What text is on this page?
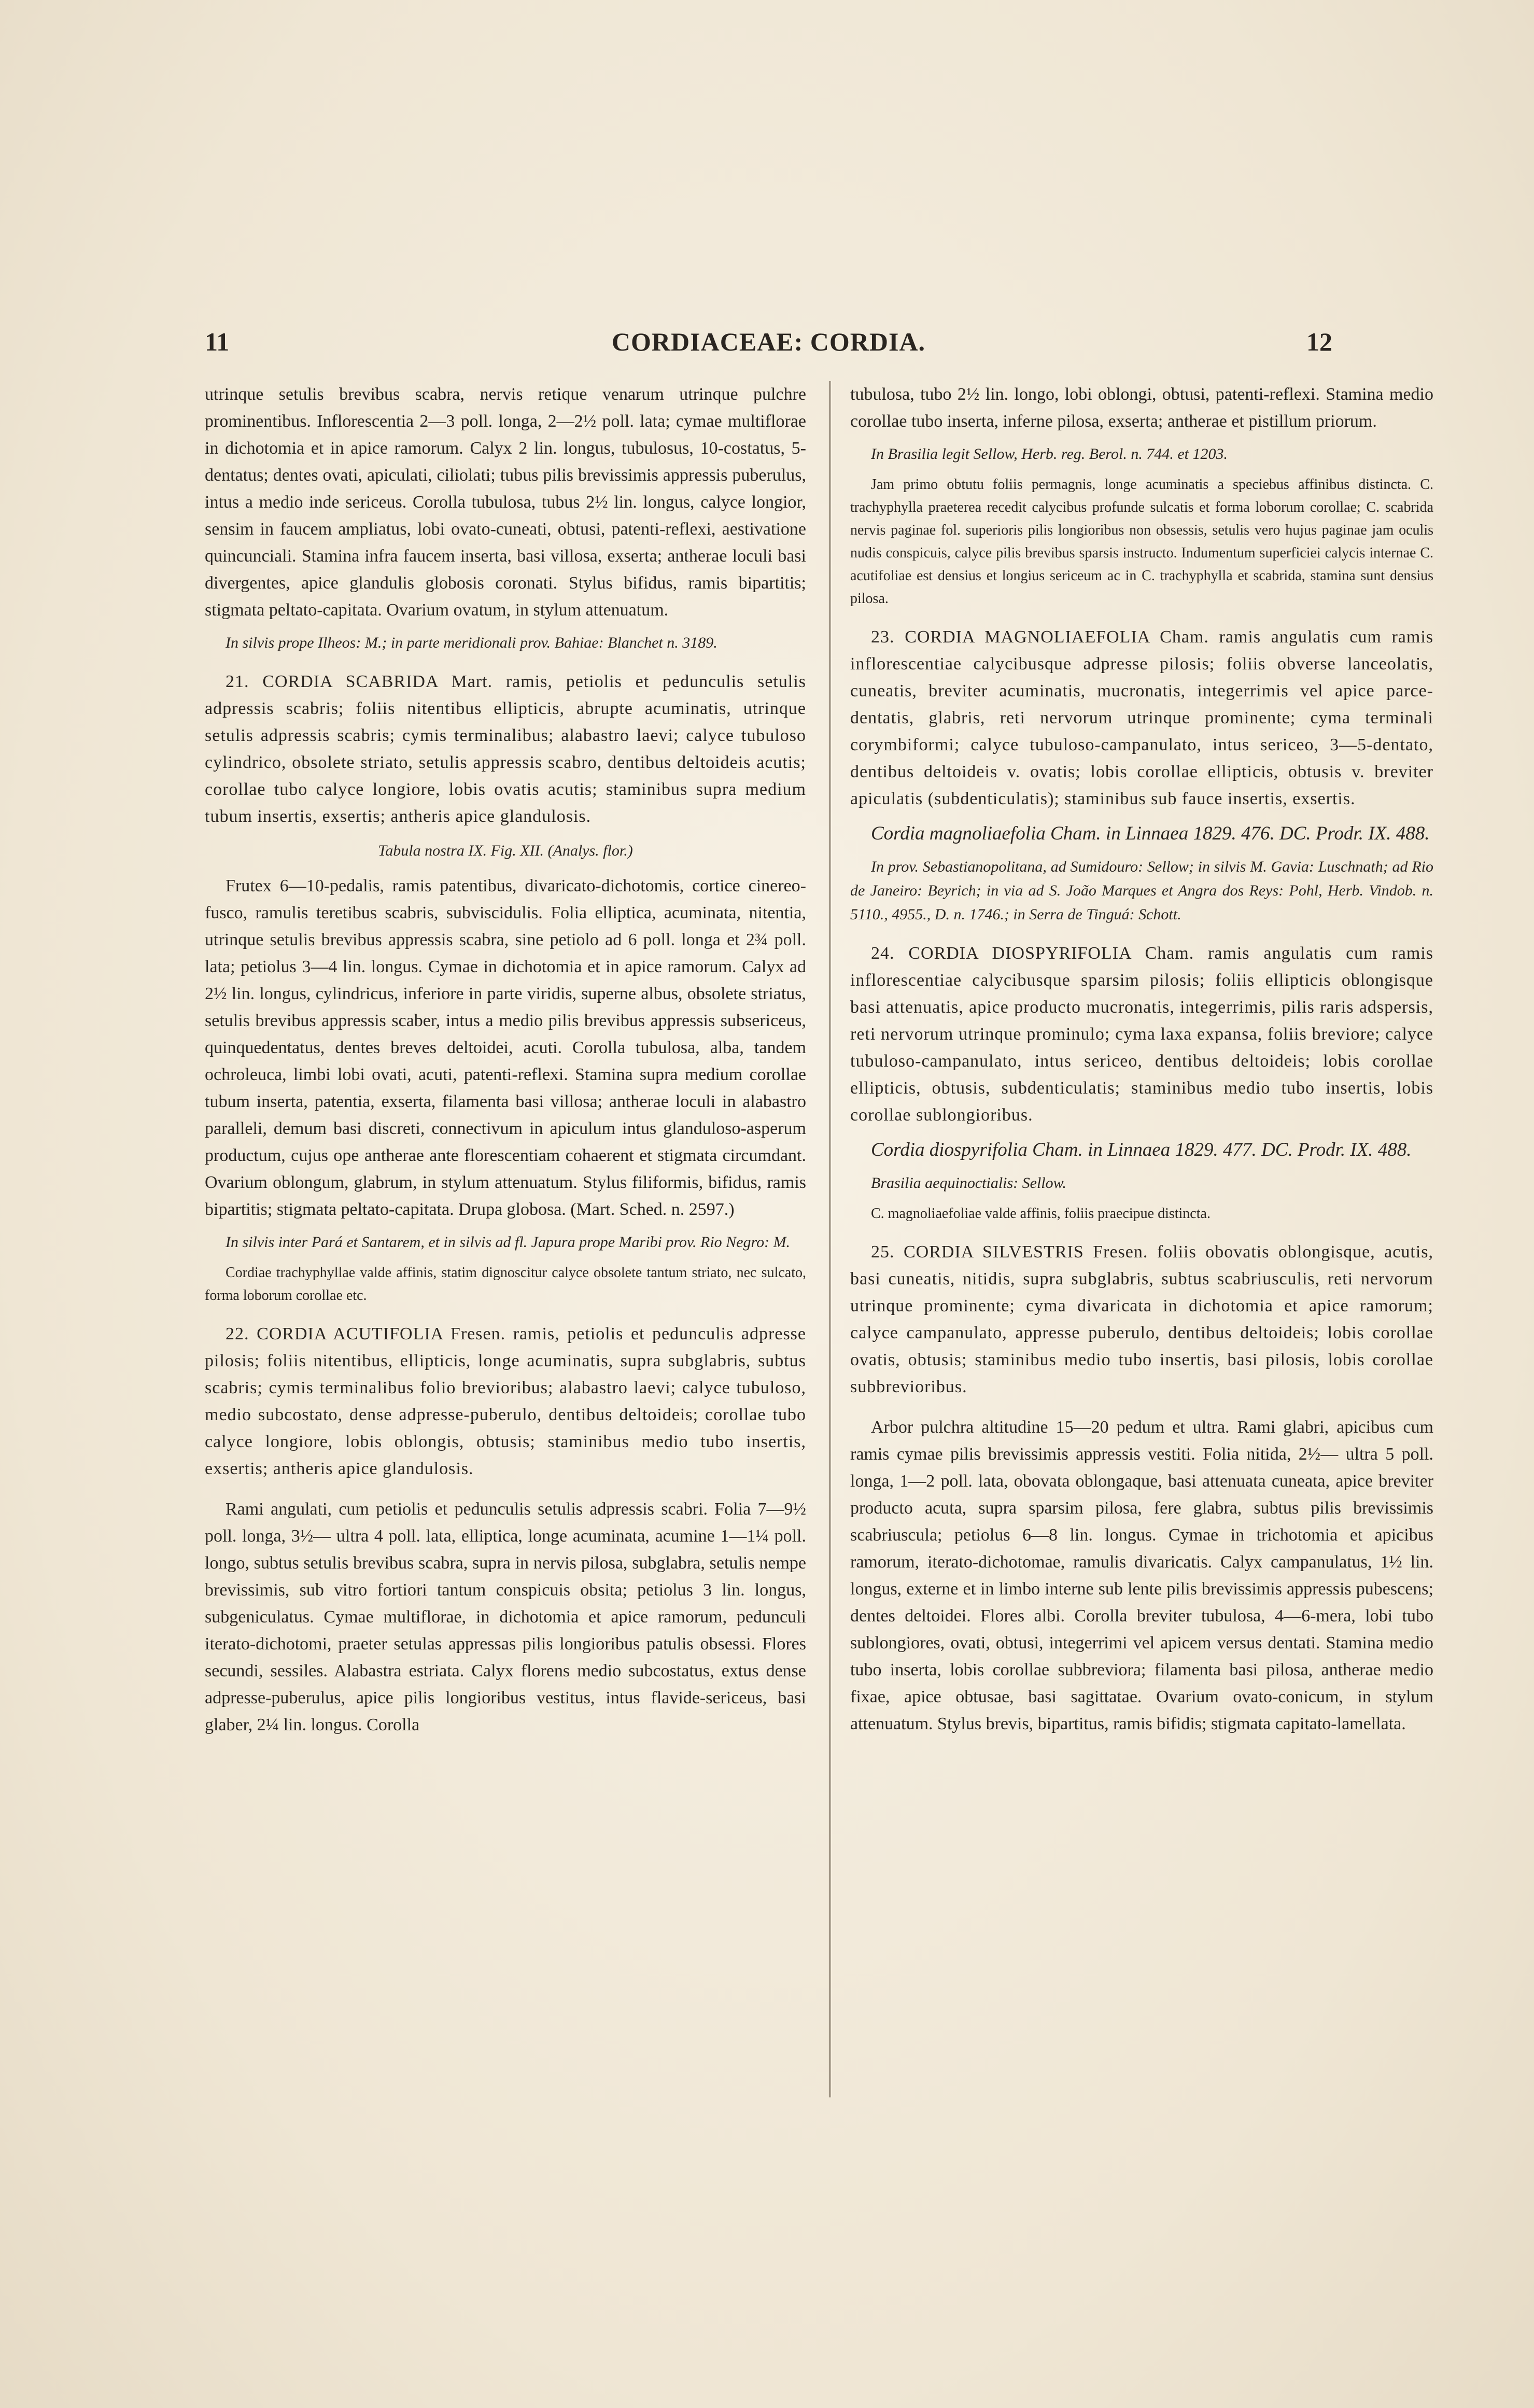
11	CORDIACEAE: CORDIA.	12

utrinque setulis brevibus scabra, nervis retique venarum utrinque pulchre prominentibus. Inflorescentia 2—3 poll. longa, 2—2½ poll. lata; cymae multiflorae in dichotomia et in apice ramorum. Calyx 2 lin. longus, tubulosus, 10-costatus, 5-dentatus; dentes ovati, apiculati, ciliolati; tubus pilis brevissimis appressis puberulus, intus a medio inde sericeus. Corolla tubulosa, tubus 2½ lin. longus, calyce longior, sensim in faucem ampliatus, lobi ovato-cuneati, obtusi, patenti-reflexi, aestivatione quincunciali. Stamina infra faucem inserta, basi villosa, exserta; antherae loculi basi divergentes, apice glandulis globosis coronati. Stylus bifidus, ramis bipartitis; stigmata peltato-capitata. Ovarium ovatum, in stylum attenuatum.

In silvis prope Ilheos: M.; in parte meridionali prov. Bahiae: Blanchet n. 3189.

21. CORDIA SCABRIDA Mart. ramis, petiolis et pedunculis setulis adpressis scabris; foliis nitentibus ellipticis, abrupte acuminatis, utrinque setulis adpressis scabris; cymis terminalibus; alabastro laevi; calyce tubuloso cylindrico, obsolete striato, setulis appressis scabro, dentibus deltoideis acutis; corollae tubo calyce longiore, lobis ovatis acutis; staminibus supra medium tubum insertis, exsertis; antheris apice glandulosis.

Tabula nostra IX. Fig. XII. (Analys. flor.)

Frutex 6—10-pedalis, ramis patentibus, divaricato-dichotomis, cortice cinereo-fusco, ramulis teretibus scabris, subviscidulis. Folia elliptica, acuminata, nitentia, utrinque setulis brevibus appressis scabra, sine petiolo ad 6 poll. longa et 2¾ poll. lata; petiolus 3—4 lin. longus. Cymae in dichotomia et in apice ramorum. Calyx ad 2½ lin. longus, cylindricus, inferiore in parte viridis, superne albus, obsolete striatus, setulis brevibus appressis scaber, intus a medio pilis brevibus appressis subsericeus, quinquedentatus, dentes breves deltoidei, acuti. Corolla tubulosa, alba, tandem ochroleuca, limbi lobi ovati, acuti, patenti-reflexi. Stamina supra medium corollae tubum inserta, patentia, exserta, filamenta basi villosa; antherae loculi in alabastro paralleli, demum basi discreti, connectivum in apiculum intus glanduloso-asperum productum, cujus ope antherae ante florescentiam cohaerent et stigmata circumdant. Ovarium oblongum, glabrum, in stylum attenuatum. Stylus filiformis, bifidus, ramis bipartitis; stigmata peltato-capitata. Drupa globosa. (Mart. Sched. n. 2597.)

In silvis inter Pará et Santarem, et in silvis ad fl. Japura prope Maribi prov. Rio Negro: M.

Cordiae trachyphyllae valde affinis, statim dignoscitur calyce obsolete tantum striato, nec sulcato, forma loborum corollae etc.

22. CORDIA ACUTIFOLIA Fresen. ramis, petiolis et pedunculis adpresse pilosis; foliis nitentibus, ellipticis, longe acuminatis, supra subglabris, subtus scabris; cymis terminalibus folio brevioribus; alabastro laevi; calyce tubuloso, medio subcostato, dense adpresse-puberulo, dentibus deltoideis; corollae tubo calyce longiore, lobis oblongis, obtusis; staminibus medio tubo insertis, exsertis; antheris apice glandulosis.

Rami angulati, cum petiolis et pedunculis setulis adpressis scabri. Folia 7—9½ poll. longa, 3½— ultra 4 poll. lata, elliptica, longe acuminata, acumine 1—1¼ poll. longo, subtus setulis brevibus scabra, supra in nervis pilosa, subglabra, setulis nempe brevissimis, sub vitro fortiori tantum conspicuis obsita; petiolus 3 lin. longus, subgeniculatus. Cymae multiflorae, in dichotomia et apice ramorum, pedunculi iterato-dichotomi, praeter setulas appressas pilis longioribus patulis obsessi. Flores secundi, sessiles. Alabastra estriata. Calyx florens medio subcostatus, extus dense adpresse-puberulus, apice pilis longioribus vestitus, intus flavide-sericeus, basi glaber, 2¼ lin. longus. Corolla

tubulosa, tubo 2½ lin. longo, lobi oblongi, obtusi, patenti-reflexi. Stamina medio corollae tubo inserta, inferne pilosa, exserta; antherae et pistillum priorum.

In Brasilia legit Sellow, Herb. reg. Berol. n. 744. et 1203.

Jam primo obtutu foliis permagnis, longe acuminatis a speciebus affinibus distincta. C. trachyphylla praeterea recedit calycibus profunde sulcatis et forma loborum corollae; C. scabrida nervis paginae fol. superioris pilis longioribus non obsessis, setulis vero hujus paginae jam oculis nudis conspicuis, calyce pilis brevibus sparsis instructo. Indumentum superficiei calycis internae C. acutifoliae est densius et longius sericeum ac in C. trachyphylla et scabrida, stamina sunt densius pilosa.

23. CORDIA MAGNOLIAEFOLIA Cham. ramis angulatis cum ramis inflorescentiae calycibusque adpresse pilosis; foliis obverse lanceolatis, cuneatis, breviter acuminatis, mucronatis, integerrimis vel apice parce-dentatis, glabris, reti nervorum utrinque prominente; cyma terminali corymbiformi; calyce tubuloso-campanulato, intus sericeo, 3—5-dentato, dentibus deltoideis v. ovatis; lobis corollae ellipticis, obtusis v. breviter apiculatis (subdenticulatis); staminibus sub fauce insertis, exsertis.

Cordia magnoliaefolia Cham. in Linnaea 1829. 476. DC. Prodr. IX. 488.

In prov. Sebastianopolitana, ad Sumidouro: Sellow; in silvis M. Gavia: Luschnath; ad Rio de Janeiro: Beyrich; in via ad S. João Marques et Angra dos Reys: Pohl, Herb. Vindob. n. 5110., 4955., D. n. 1746.; in Serra de Tinguá: Schott.

24. CORDIA DIOSPYRIFOLIA Cham. ramis angulatis cum ramis inflorescentiae calycibusque sparsim pilosis; foliis ellipticis oblongisque basi attenuatis, apice producto mucronatis, integerrimis, pilis raris adspersis, reti nervorum utrinque prominulo; cyma laxa expansa, foliis breviore; calyce tubuloso-campanulato, intus sericeo, dentibus deltoideis; lobis corollae ellipticis, obtusis, subdenticulatis; staminibus medio tubo insertis, lobis corollae sublongioribus.

Cordia diospyrifolia Cham. in Linnaea 1829. 477. DC. Prodr. IX. 488.

Brasilia aequinoctialis: Sellow.

C. magnoliaefoliae valde affinis, foliis praecipue distincta.

25. CORDIA SILVESTRIS Fresen. foliis obovatis oblongisque, acutis, basi cuneatis, nitidis, supra subglabris, subtus scabriusculis, reti nervorum utrinque prominente; cyma divaricata in dichotomia et apice ramorum; calyce campanulato, appresse puberulo, dentibus deltoideis; lobis corollae ovatis, obtusis; staminibus medio tubo insertis, basi pilosis, lobis corollae subbrevioribus.

Arbor pulchra altitudine 15—20 pedum et ultra. Rami glabri, apicibus cum ramis cymae pilis brevissimis appressis vestiti. Folia nitida, 2½— ultra 5 poll. longa, 1—2 poll. lata, obovata oblongaque, basi attenuata cuneata, apice breviter producto acuta, supra sparsim pilosa, fere glabra, subtus pilis brevissimis scabriuscula; petiolus 6—8 lin. longus. Cymae in trichotomia et apicibus ramorum, iterato-dichotomae, ramulis divaricatis. Calyx campanulatus, 1½ lin. longus, externe et in limbo interne sub lente pilis brevissimis appressis pubescens; dentes deltoidei. Flores albi. Corolla breviter tubulosa, 4—6-mera, lobi tubo sublongiores, ovati, obtusi, integerrimi vel apicem versus dentati. Stamina medio tubo inserta, lobis corollae subbreviora; filamenta basi pilosa, antherae medio fixae, apice obtusae, basi sagittatae. Ovarium ovato-conicum, in stylum attenuatum. Stylus brevis, bipartitus, ramis bifidis; stigmata capitato-lamellata.
